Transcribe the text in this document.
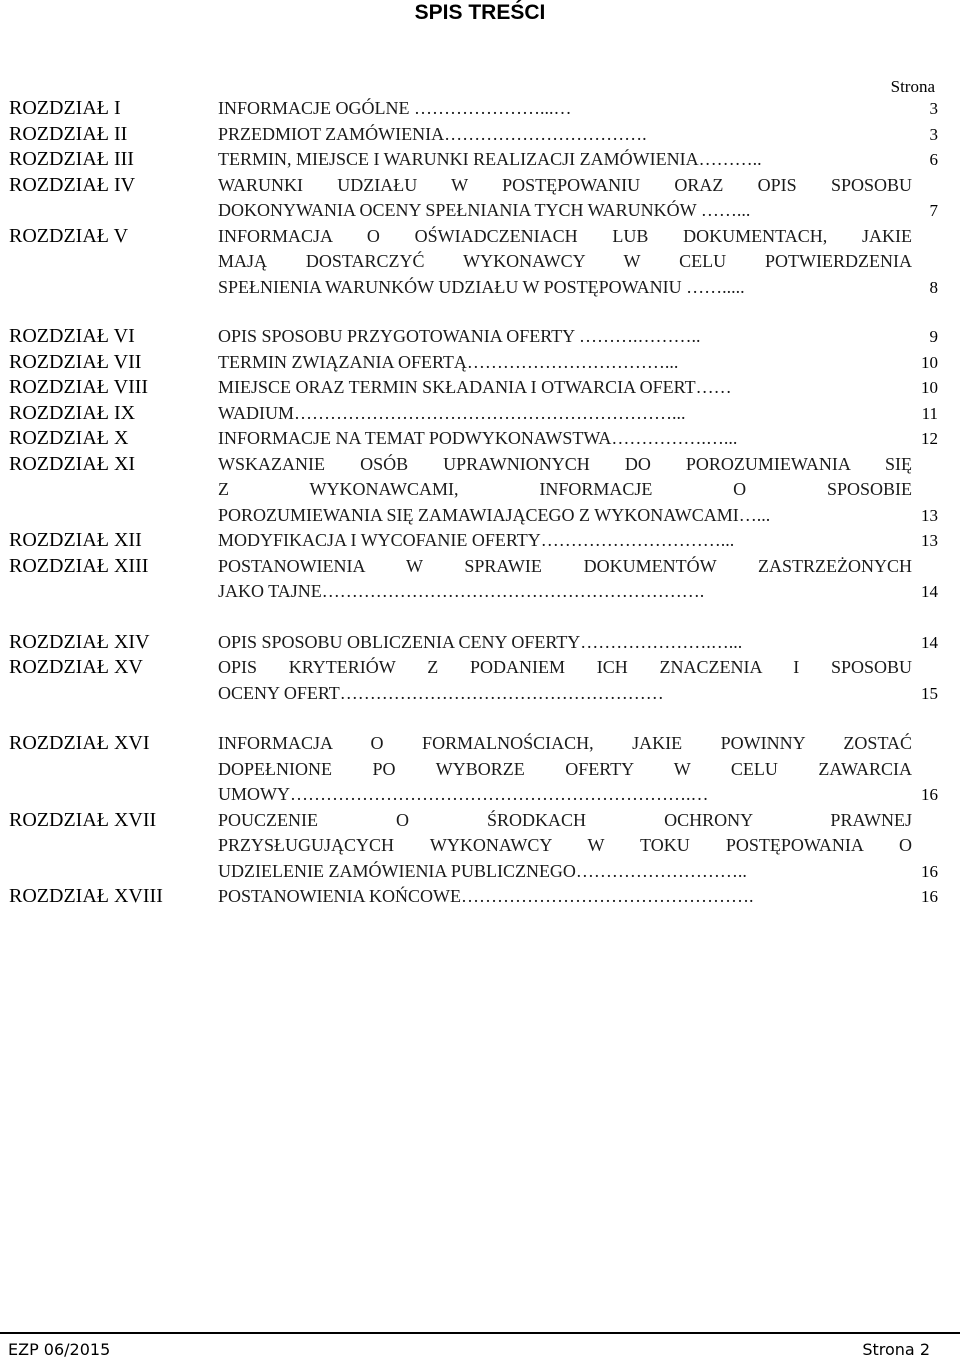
SPIS TREŚCI
Strona
ROZDZIAŁ I	INFORMACJE OGÓLNE …………………...…	3
ROZDZIAŁ II	PRZEDMIOT ZAMÓWIENIA…………………………….	3
ROZDZIAŁ III	TERMIN, MIEJSCE I WARUNKI REALIZACJI ZAMÓWIENIA………..	6
ROZDZIAŁ IV	WARUNKI UDZIAŁU W POSTĘPOWANIU ORAZ OPIS SPOSOBU
DOKONYWANIA OCENY SPEŁNIANIA TYCH WARUNKÓW ……...	7
ROZDZIAŁ V	INFORMACJA O OŚWIADCZENIACH LUB DOKUMENTACH, JAKIE
MAJĄ DOSTARCZYĆ WYKONAWCY W CELU POTWIERDZENIA
SPEŁNIENIA WARUNKÓW UDZIAŁU W POSTĘPOWANIU …….....	8
ROZDZIAŁ VI	OPIS SPOSOBU PRZYGOTOWANIA OFERTY ……….………..	9
ROZDZIAŁ VII	TERMIN ZWIĄZANIA OFERTĄ……………………………...	10
ROZDZIAŁ VIII	MIEJSCE ORAZ TERMIN SKŁADANIA I OTWARCIA OFERT……	10
ROZDZIAŁ IX	WADIUM………………………………………………………...	11
ROZDZIAŁ X	INFORMACJE NA TEMAT PODWYKONAWSTWA…………….…...	12
ROZDZIAŁ XI	WSKAZANIE OSÓB UPRAWNIONYCH DO POROZUMIEWANIA SIĘ
Z WYKONAWCAMI, INFORMACJE O SPOSOBIE
POROZUMIEWANIA SIĘ ZAMAWIAJĄCEGO Z WYKONAWCAMI…...	13
ROZDZIAŁ XII	MODYFIKACJA I WYCOFANIE OFERTY…………………………...	13
ROZDZIAŁ XIII	POSTANOWIENIA W SPRAWIE DOKUMENTÓW ZASTRZEŻONYCH
JAKO TAJNE……………………………………………………….	14
ROZDZIAŁ XIV	OPIS SPOSOBU OBLICZENIA CENY OFERTY………………….…...	14
ROZDZIAŁ XV	OPIS KRYTERIÓW Z PODANIEM ICH ZNACZENIA I SPOSOBU
OCENY OFERT………………………………………………	15
ROZDZIAŁ XVI	INFORMACJA O FORMALNOŚCIACH, JAKIE POWINNY ZOSTAĆ
DOPEŁNIONE PO WYBORZE OFERTY W CELU ZAWARCIA
UMOWY………………………………………………………….…	16
ROZDZIAŁ XVII	POUCZENIE O ŚRODKACH OCHRONY PRAWNEJ
PRZYSŁUGUJĄCYCH WYKONAWCY W TOKU POSTĘPOWANIA O
UDZIELENIE ZAMÓWIENIA PUBLICZNEGO………………………..	16
ROZDZIAŁ XVIII	POSTANOWIENIA KOŃCOWE………………………………………….	16
EZP 06/2015	Strona 2
